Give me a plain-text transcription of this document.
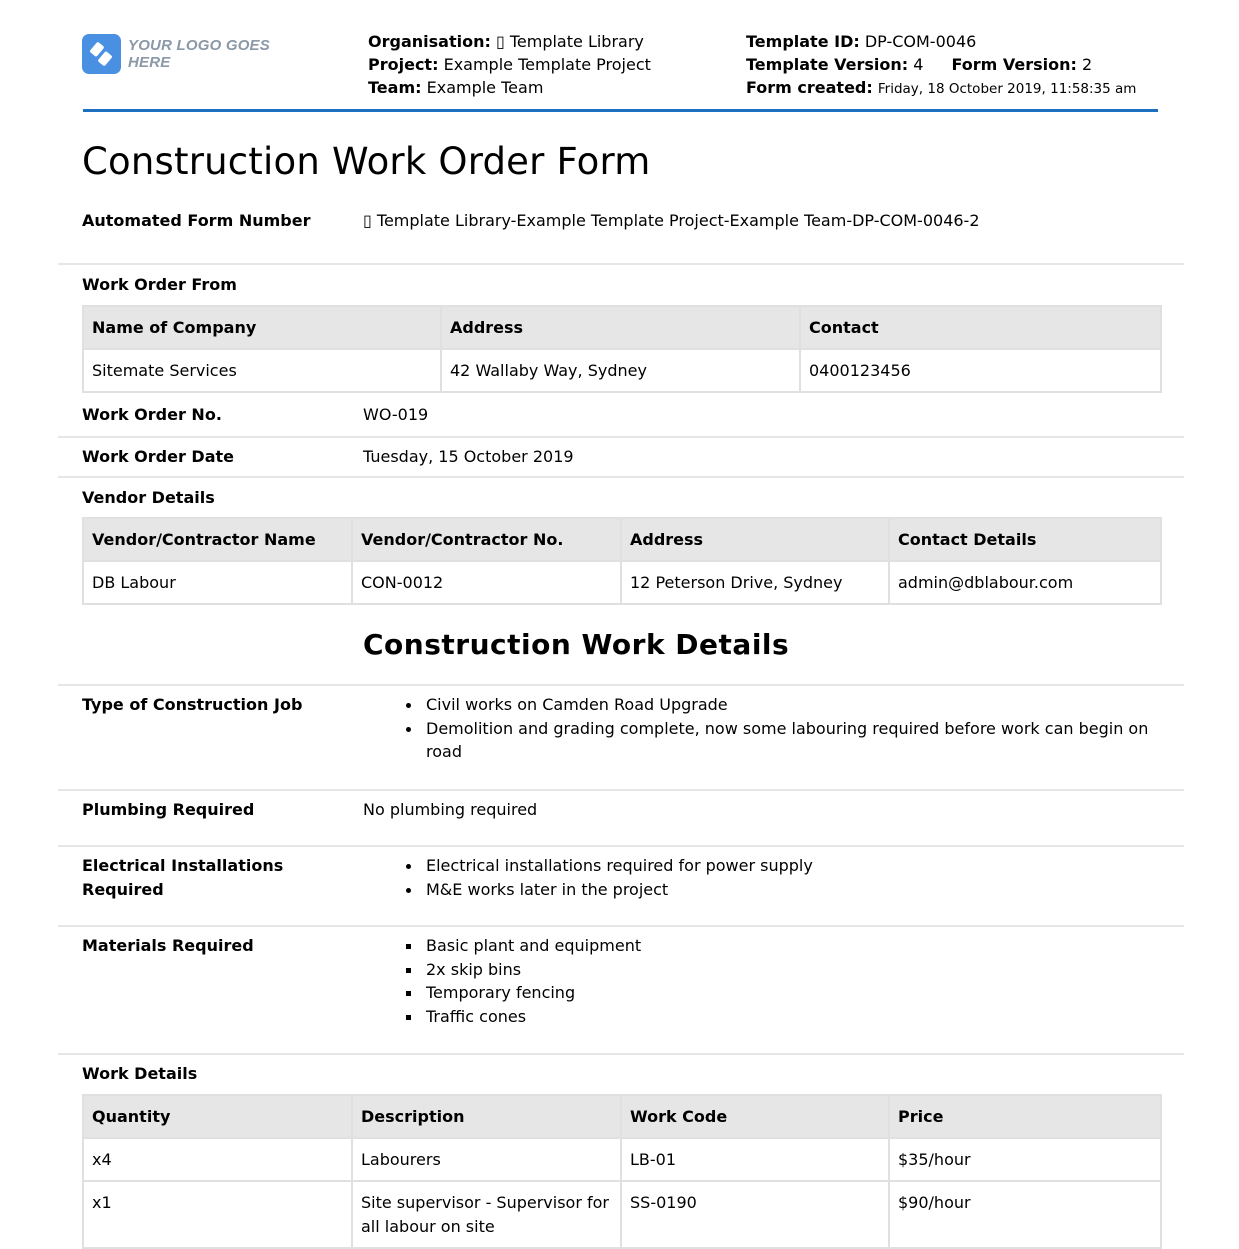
YOUR LOGO GOES HERE
Organisation: ▯ Template Library
Project: Example Template Project
Team: Example Team
Template ID: DP-COM-0046
Template Version: 4 Form Version: 2
Form created: Friday, 18 October 2019, 11:58:35 am
Construction Work Order Form
Automated Form Number	▯ Template Library-Example Template Project-Example Team-DP-COM-0046-2
Work Order From
Name of Company	Address	Contact
Sitemate Services	42 Wallaby Way, Sydney	0400123456
Work Order No.	WO-019
Work Order Date	Tuesday, 15 October 2019
Vendor Details
Vendor/Contractor Name	Vendor/Contractor No.	Address	Contact Details
DB Labour	CON-0012	12 Peterson Drive, Sydney	admin@dblabour.com
Construction Work Details
Type of Construction Job	Civil works on Camden Road Upgrade
Demolition and grading complete, now some labouring required before work can begin on road
Plumbing Required	No plumbing required
Electrical Installations Required
Electrical installations required for power supply
M&E works later in the project
Materials Required	Basic plant and equipment
2x skip bins
Temporary fencing
Traffic cones
Work Details
Quantity	Description	Work Code	Price
x4	Labourers	LB-01	$35/hour
x1	Site supervisor - Supervisor for all labour on site	SS-0190	$90/hour
